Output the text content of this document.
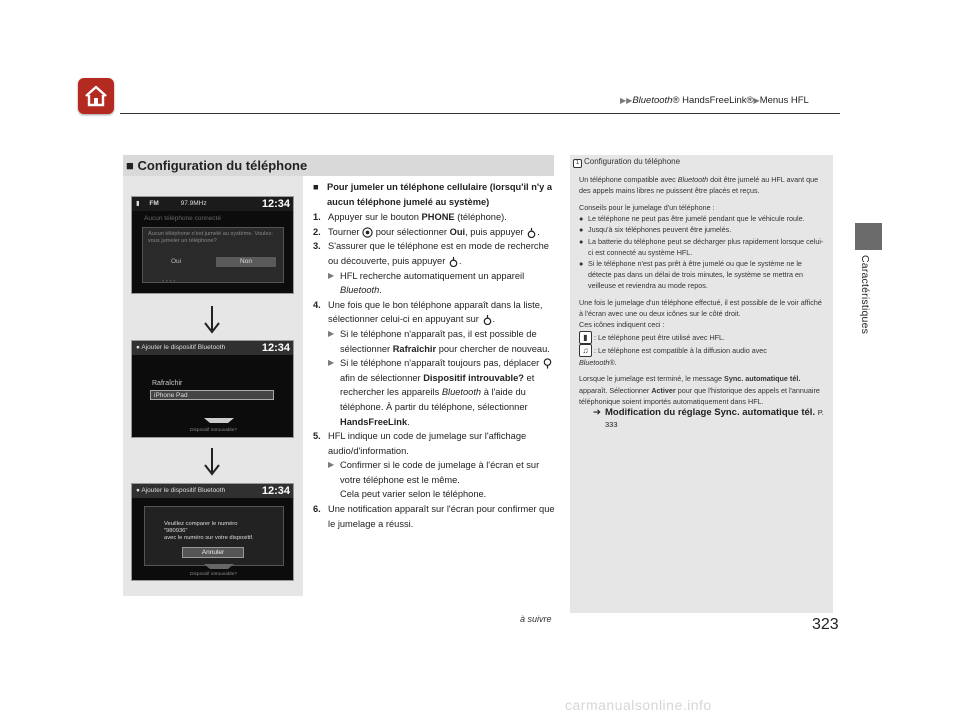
▶▶Bluetooth® HandsFreeLink®▶Menus HFL
Caractéristiques
■ Configuration du téléphone
▮ FM	97.9MHz	12:34
Aucun téléphone connecté
Aucun téléphone n'est jumelé au système. Voulez-vous jumeler un téléphone?
Oui	Non
• • • •
● Ajouter le dispositif Bluetooth	12:34
Rafraîchir
iPhone Pad
Dispositif introuvable?
● Ajouter le dispositif Bluetooth	12:34
Veuillez comparer le numéro
"980936"
avec le numéro sur votre dispositif.
Annuler
Dispositif introuvable?
■ Pour jumeler un téléphone cellulaire (lorsqu'il n'y a aucun téléphone jumelé au système)
1. Appuyer sur le bouton PHONE (téléphone).
2. Tourner  pour sélectionner Oui, puis appuyer .
3. S'assurer que le téléphone est en mode de recherche ou découverte, puis appuyer .
▶ HFL recherche automatiquement un appareil Bluetooth.
4. Une fois que le bon téléphone apparaît dans la liste, sélectionner celui-ci en appuyant sur .
▶ Si le téléphone n'apparaît pas, il est possible de sélectionner Rafraîchir pour chercher de nouveau.
▶ Si le téléphone n'apparaît toujours pas, déplacer  afin de sélectionner Dispositif introuvable? et rechercher les appareils Bluetooth à l'aide du téléphone. À partir du téléphone, sélectionner HandsFreeLink.
5. HFL indique un code de jumelage sur l'affichage audio/d'information.
▶ Confirmer si le code de jumelage à l'écran et sur votre téléphone est le même.
Cela peut varier selon le téléphone.
6. Une notification apparaît sur l'écran pour confirmer que le jumelage a réussi.
1 Configuration du téléphone

Un téléphone compatible avec Bluetooth doit être jumelé au HFL avant que des appels mains libres ne puissent être placés et reçus.

Conseils pour le jumelage d'un téléphone :

● Le téléphone ne peut pas être jumelé pendant que le véhicule roule.
● Jusqu'à six téléphones peuvent être jumelés.
● La batterie du téléphone peut se décharger plus rapidement lorsque celui-ci est connecté au système HFL.
● Si le téléphone n'est pas prêt à être jumelé ou que le système ne le détecte pas dans un délai de trois minutes, le système se mettra en veilleuse et reviendra au mode repos.

Une fois le jumelage d'un téléphone effectué, il est possible de le voir affiché à l'écran avec une ou deux icônes sur le côté droit.

Ces icônes indiquent ceci :

▮ : Le téléphone peut être utilisé avec HFL.
♫ : Le téléphone est compatible à la diffusion audio avec

Bluetooth®.

Lorsque le jumelage est terminé, le message Sync. automatique tél. apparaît. Sélectionner Activer pour que l'historique des appels et l'annuaire téléphonique soient importés automatiquement dans HFL.

➔ Modification du réglage Sync. automatique tél. P. 333
à suivre	323
carmanualsonline.info
